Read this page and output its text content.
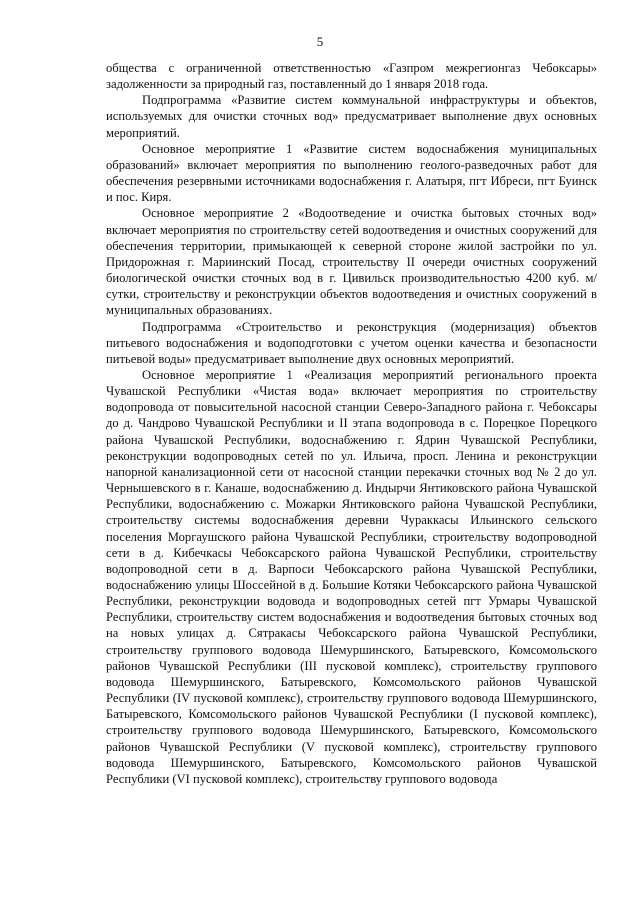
5

общества с ограниченной ответственностью «Газпром межрегионгаз Чебоксары» задолженности за природный газ, поставленный до 1 января 2018 года.

Подпрограмма «Развитие систем коммунальной инфраструктуры и объектов, используемых для очистки сточных вод» предусматривает выполнение двух основных мероприятий.

Основное мероприятие 1 «Развитие систем водоснабжения муниципальных образований» включает мероприятия по выполнению геолого-разведочных работ для обеспечения резервными источниками водоснабжения г. Алатыря, пгт Ибреси, пгт Буинск и пос. Киря.

Основное мероприятие 2 «Водоотведение и очистка бытовых сточных вод» включает мероприятия по строительству сетей водоотведения и очистных сооружений для обеспечения территории, примыкающей к северной стороне жилой застройки по ул. Придорожная г. Мариинский Посад, строительству II очереди очистных сооружений биологической очистки сточных вод в г. Цивильск производительностью 4200 куб. м/сутки, строительству и реконструкции объектов водоотведения и очистных сооружений в муниципальных образованиях.

Подпрограмма «Строительство и реконструкция (модернизация) объектов питьевого водоснабжения и водоподготовки с учетом оценки качества и безопасности питьевой воды» предусматривает выполнение двух основных мероприятий.

Основное мероприятие 1 «Реализация мероприятий регионального проекта Чувашской Республики «Чистая вода» включает мероприятия по строительству водопровода от повысительной насосной станции Северо-Западного района г. Чебоксары до д. Чандрово Чувашской Республики и II этапа водопровода в с. Порецкое Порецкого района Чувашской Республики, водоснабжению г. Ядрин Чувашской Республики, реконструкции водопроводных сетей по ул. Ильича, просп. Ленина и реконструкции напорной канализационной сети от насосной станции перекачки сточных вод № 2 до ул. Чернышевского в г. Канаше, водоснабжению д. Индырчи Янтиковского района Чувашской Республики, водоснабжению с. Можарки Янтиковского района Чувашской Республики, строительству системы водоснабжения деревни Чураккасы Ильинского сельского поселения Моргаушского района Чувашской Республики, строительству водопроводной сети в д. Кибечкасы Чебоксарского района Чувашской Республики, строительству водопроводной сети в д. Варпоси Чебоксарского района Чувашской Республики, водоснабжению улицы Шоссейной в д. Большие Котяки Чебоксарского района Чувашской Республики, реконструкции водовода и водопроводных сетей пгт Урмары Чувашской Республики, строительству систем водоснабжения и водоотведения бытовых сточных вод на новых улицах д. Сятракасы Чебоксарского района Чувашской Республики, строительству группового водовода Шемуршинского, Батыревского, Комсомольского районов Чувашской Республики (III пусковой комплекс), строительству группового водовода Шемуршинского, Батыревского, Комсомольского районов Чувашской Республики (IV пусковой комплекс), строительству группового водовода Шемуршинского, Батыревского, Комсомольского районов Чувашской Республики (I пусковой комплекс), строительству группового водовода Шемуршинского, Батыревского, Комсомольского районов Чувашской Республики (V пусковой комплекс), строительству группового водовода Шемуршинского, Батыревского, Комсомольского районов Чувашской Республики (VI пусковой комплекс), строительству группового водовода
